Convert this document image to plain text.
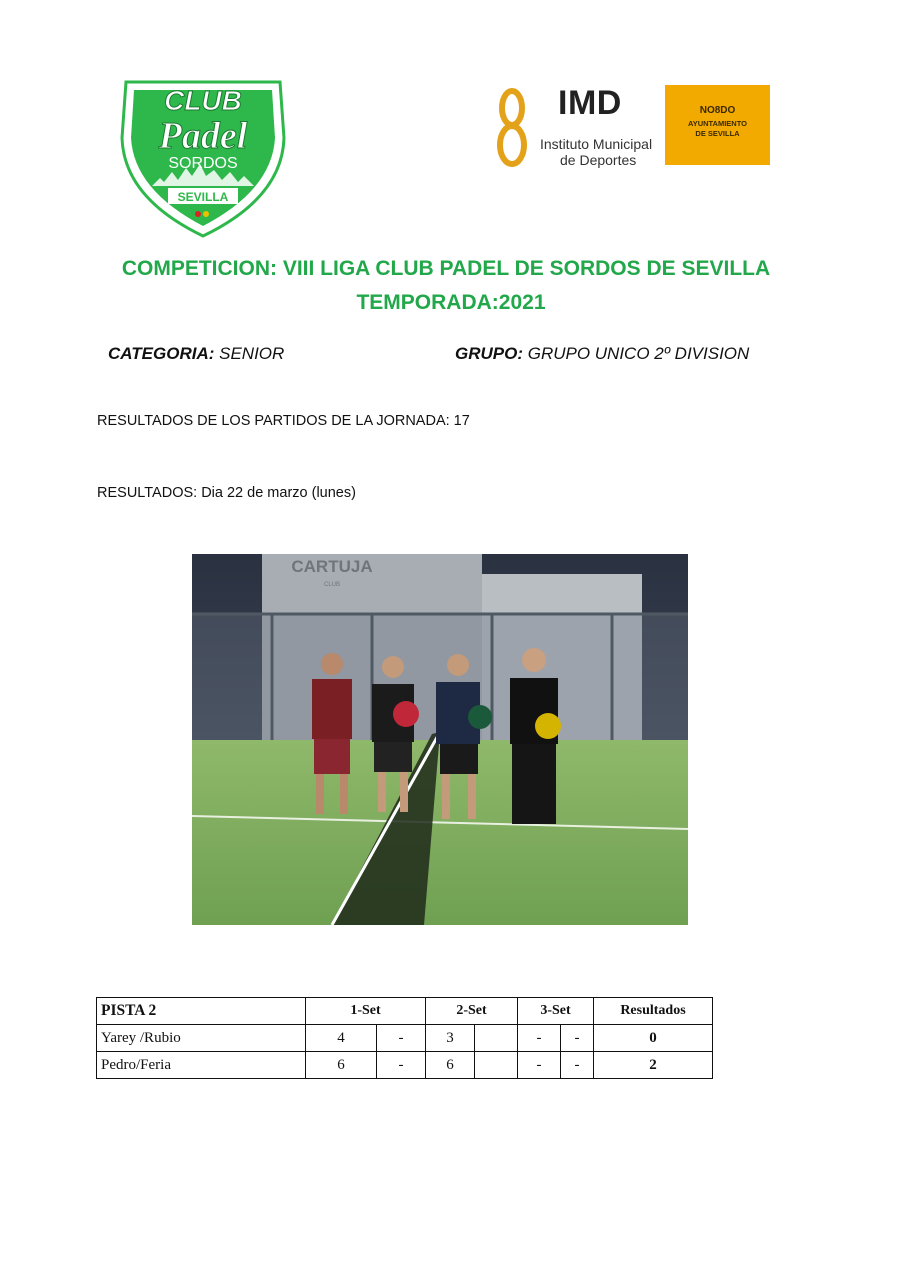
CLUB
Padel
SORDOS
SEVILLA
IMD
Instituto Municipal
de Deportes
NO8DO
AYUNTAMIENTO
DE SEVILLA
COMPETICION: VIII LIGA CLUB PADEL DE SORDOS DE SEVILLA
TEMPORADA:2021
CATEGORIA: SENIOR	GRUPO: GRUPO UNICO 2º DIVISION
RESULTADOS DE LOS PARTIDOS DE LA JORNADA: 17
RESULTADOS: Dia 22 de marzo (lunes)
CARTUJA
CLUB
PISTA 2	1-Set		2-Set		3-Set		Resultados
Yarey /Rubio	4	-	3		-	-	0
Pedro/Feria	6	-	6		-	-	2
